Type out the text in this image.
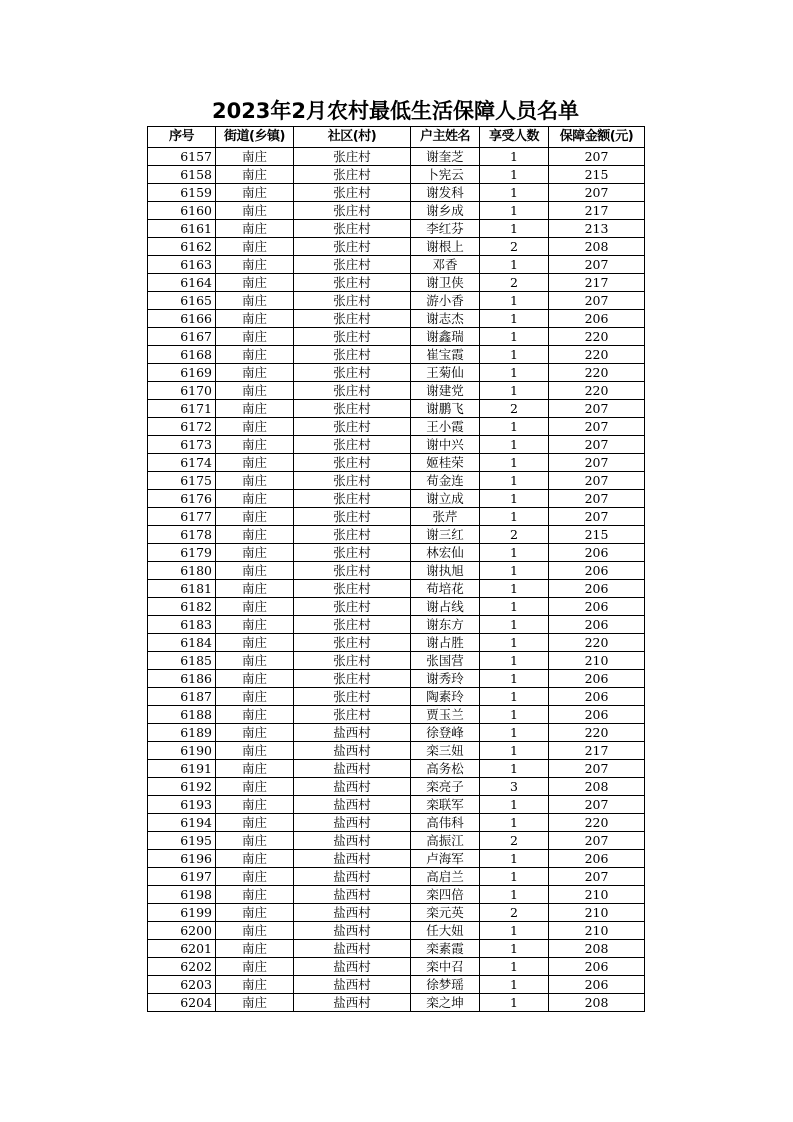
2023年2月农村最低生活保障人员名单
序号	街道(乡镇)	社区(村)	户主姓名	享受人数	保障金额(元)
6157	南庄	张庄村	谢奎芝	1	207
6158	南庄	张庄村	卜宪云	1	215
6159	南庄	张庄村	谢发科	1	207
6160	南庄	张庄村	谢乡成	1	217
6161	南庄	张庄村	李红芬	1	213
6162	南庄	张庄村	谢根上	2	208
6163	南庄	张庄村	邓香	1	207
6164	南庄	张庄村	谢卫侠	2	217
6165	南庄	张庄村	游小香	1	207
6166	南庄	张庄村	谢志杰	1	206
6167	南庄	张庄村	谢鑫瑞	1	220
6168	南庄	张庄村	崔宝霞	1	220
6169	南庄	张庄村	王菊仙	1	220
6170	南庄	张庄村	谢建党	1	220
6171	南庄	张庄村	谢鹏飞	2	207
6172	南庄	张庄村	王小霞	1	207
6173	南庄	张庄村	谢中兴	1	207
6174	南庄	张庄村	姬桂荣	1	207
6175	南庄	张庄村	荀金连	1	207
6176	南庄	张庄村	谢立成	1	207
6177	南庄	张庄村	张芹	1	207
6178	南庄	张庄村	谢三红	2	215
6179	南庄	张庄村	林宏仙	1	206
6180	南庄	张庄村	谢执旭	1	206
6181	南庄	张庄村	荀培花	1	206
6182	南庄	张庄村	谢占线	1	206
6183	南庄	张庄村	谢东方	1	206
6184	南庄	张庄村	谢占胜	1	220
6185	南庄	张庄村	张国营	1	210
6186	南庄	张庄村	谢秀玲	1	206
6187	南庄	张庄村	陶素玲	1	206
6188	南庄	张庄村	贾玉兰	1	206
6189	南庄	盐西村	徐登峰	1	220
6190	南庄	盐西村	栾三妞	1	217
6191	南庄	盐西村	高务松	1	207
6192	南庄	盐西村	栾亮子	3	208
6193	南庄	盐西村	栾联军	1	207
6194	南庄	盐西村	高伟科	1	220
6195	南庄	盐西村	高振江	2	207
6196	南庄	盐西村	卢海军	1	206
6197	南庄	盐西村	高启兰	1	207
6198	南庄	盐西村	栾四倍	1	210
6199	南庄	盐西村	栾元英	2	210
6200	南庄	盐西村	任大妞	1	210
6201	南庄	盐西村	栾素霞	1	208
6202	南庄	盐西村	栾中召	1	206
6203	南庄	盐西村	徐梦瑶	1	206
6204	南庄	盐西村	栾之坤	1	208
